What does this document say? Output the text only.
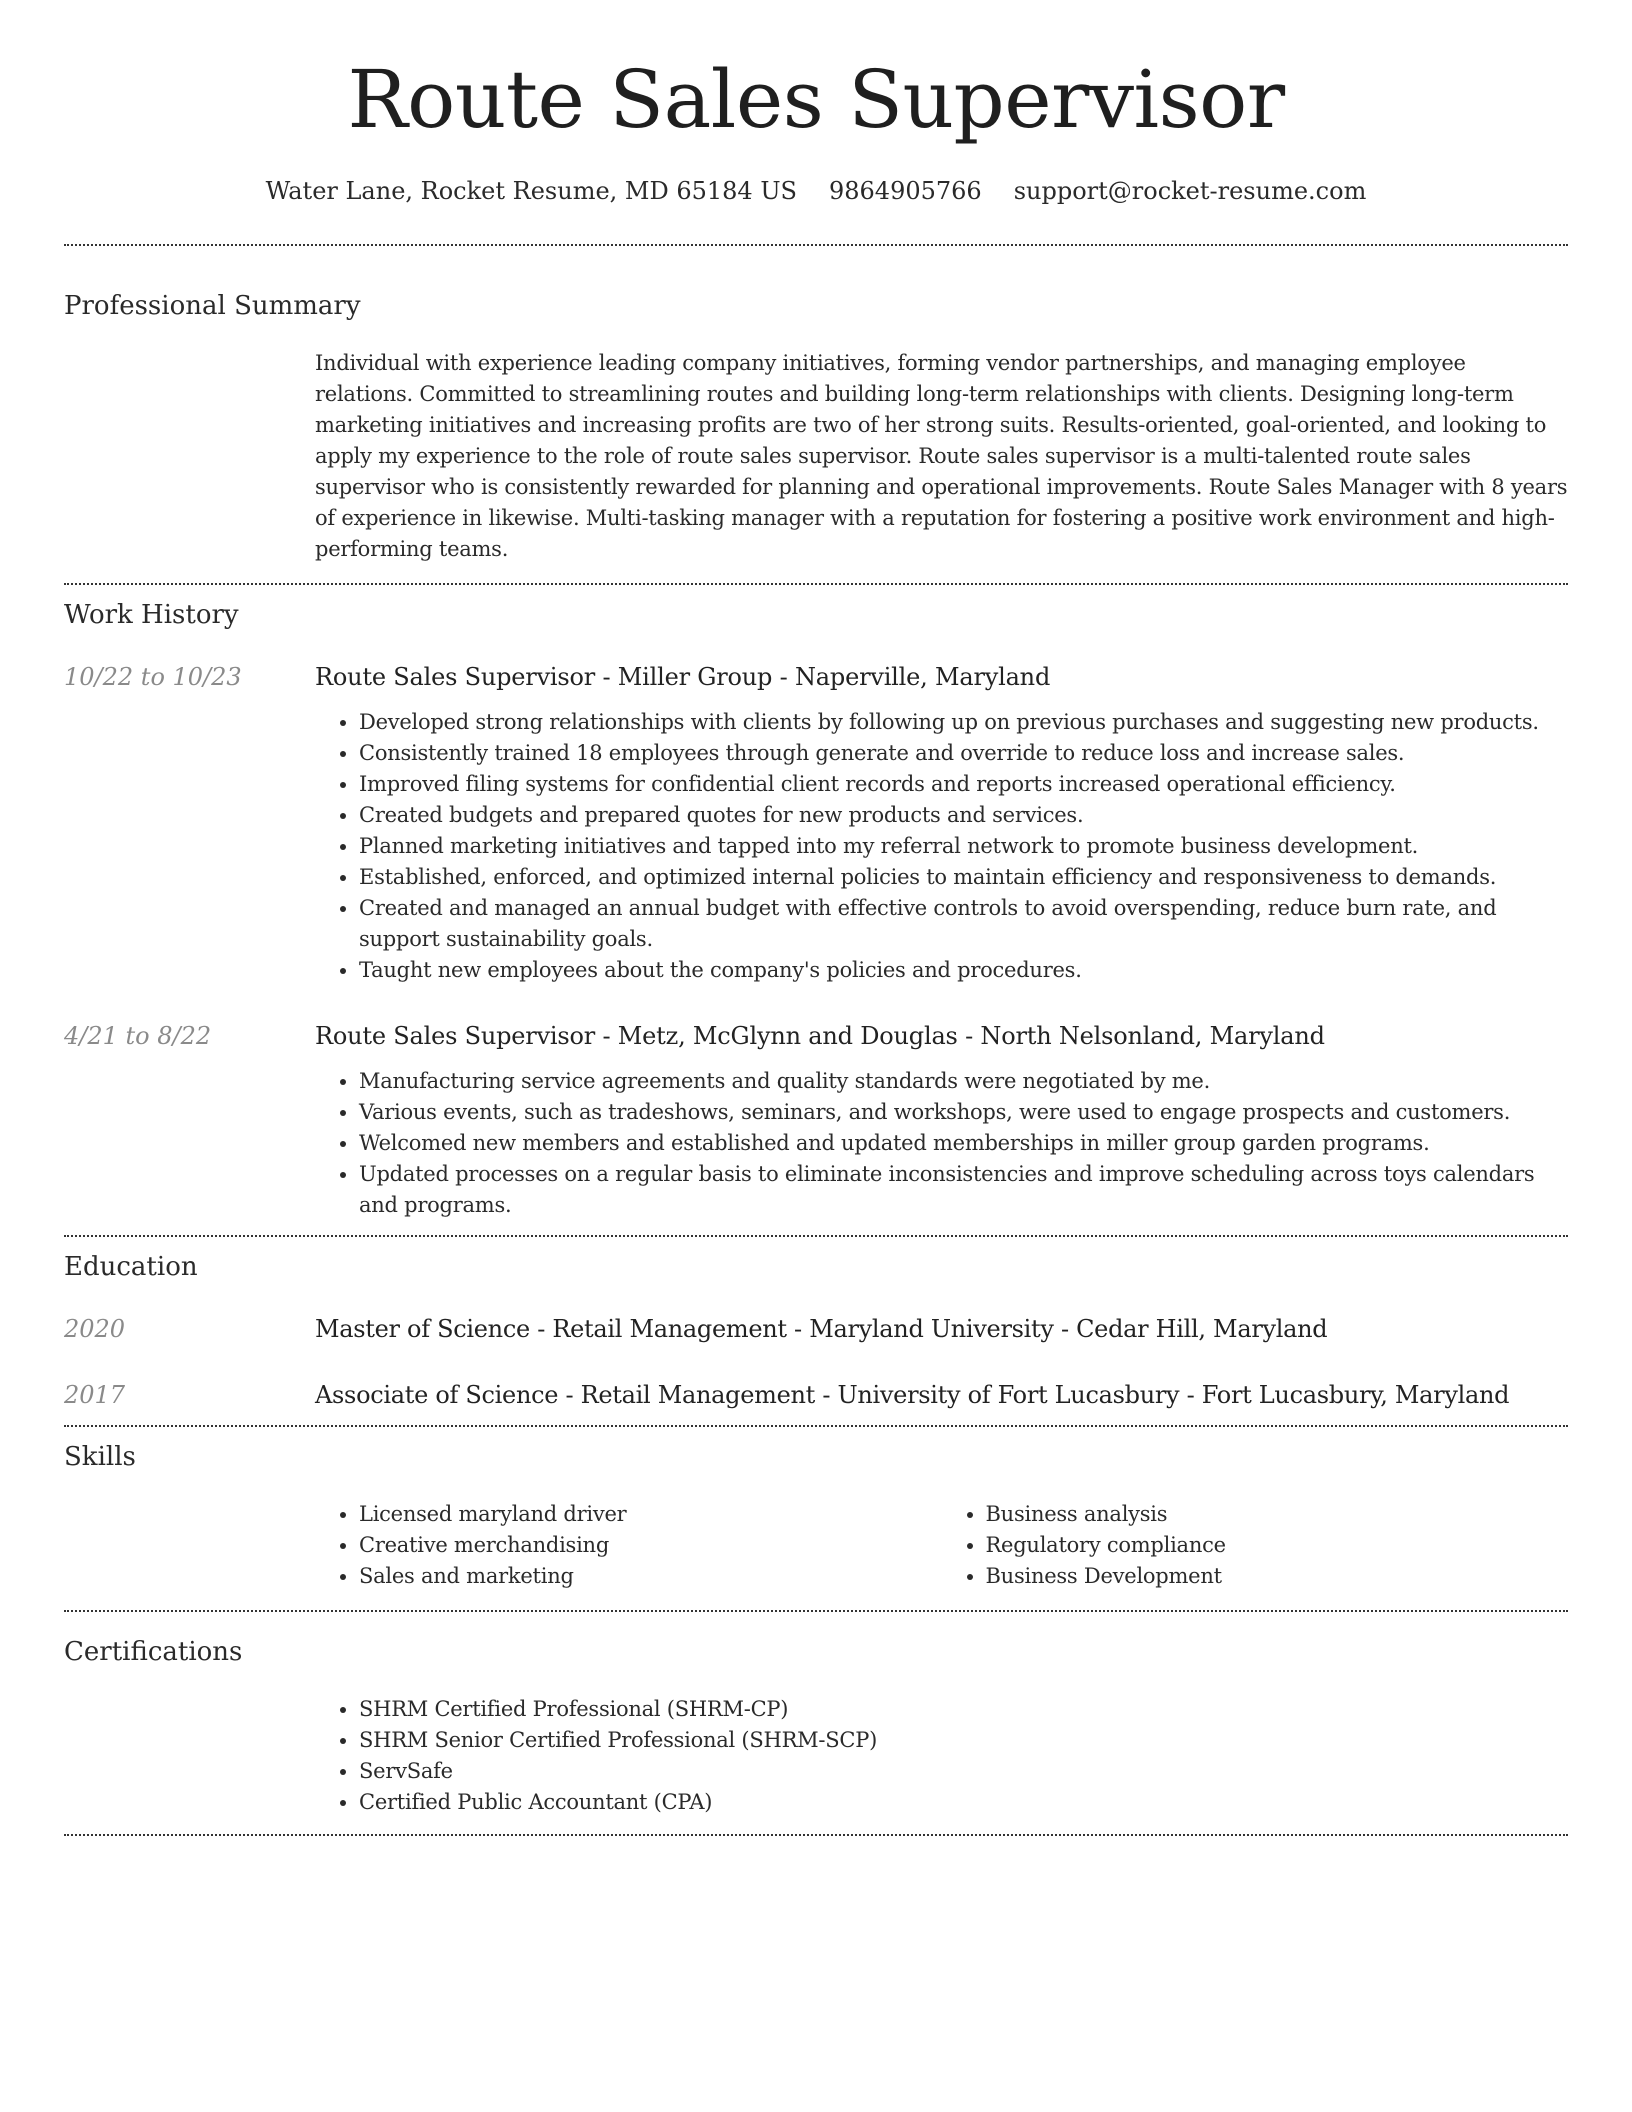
Route Sales Supervisor
Water Lane, Rocket Resume, MD 65184 US 9864905766 support@rocket-resume.com
Professional Summary

Individual with experience leading company initiatives, forming vendor partnerships, and managing employee relations. Committed to streamlining routes and building long-term relationships with clients. Designing long-term marketing initiatives and increasing profits are two of her strong suits. Results-oriented, goal-oriented, and looking to apply my experience to the role of route sales supervisor. Route sales supervisor is a multi-talented route sales supervisor who is consistently rewarded for planning and operational improvements. Route Sales Manager with 8 years of experience in likewise. Multi-tasking manager with a reputation for fostering a positive work environment and high-performing teams.

Work History
10/22 to 10/23	Route Sales Supervisor - Miller Group - Naperville, Maryland
• Developed strong relationships with clients by following up on previous purchases and suggesting new products.
• Consistently trained 18 employees through generate and override to reduce loss and increase sales.
• Improved filing systems for confidential client records and reports increased operational efficiency.
• Created budgets and prepared quotes for new products and services.
• Planned marketing initiatives and tapped into my referral network to promote business development.
• Established, enforced, and optimized internal policies to maintain efficiency and responsiveness to demands.
• Created and managed an annual budget with effective controls to avoid overspending, reduce burn rate, and support sustainability goals.
• Taught new employees about the company's policies and procedures.
4/21 to 8/22	Route Sales Supervisor - Metz, McGlynn and Douglas - North Nelsonland, Maryland
• Manufacturing service agreements and quality standards were negotiated by me.
• Various events, such as tradeshows, seminars, and workshops, were used to engage prospects and customers.
• Welcomed new members and established and updated memberships in miller group garden programs.
• Updated processes on a regular basis to eliminate inconsistencies and improve scheduling across toys calendars and programs.
Education
2020	Master of Science - Retail Management - Maryland University - Cedar Hill, Maryland
2017	Associate of Science - Retail Management - University of Fort Lucasbury - Fort Lucasbury, Maryland
Skills
• Licensed maryland driver
• Creative merchandising
• Sales and marketing
• Business analysis
• Regulatory compliance
• Business Development
Certifications
• SHRM Certified Professional (SHRM-CP)
• SHRM Senior Certified Professional (SHRM-SCP)
• ServSafe
• Certified Public Accountant (CPA)
